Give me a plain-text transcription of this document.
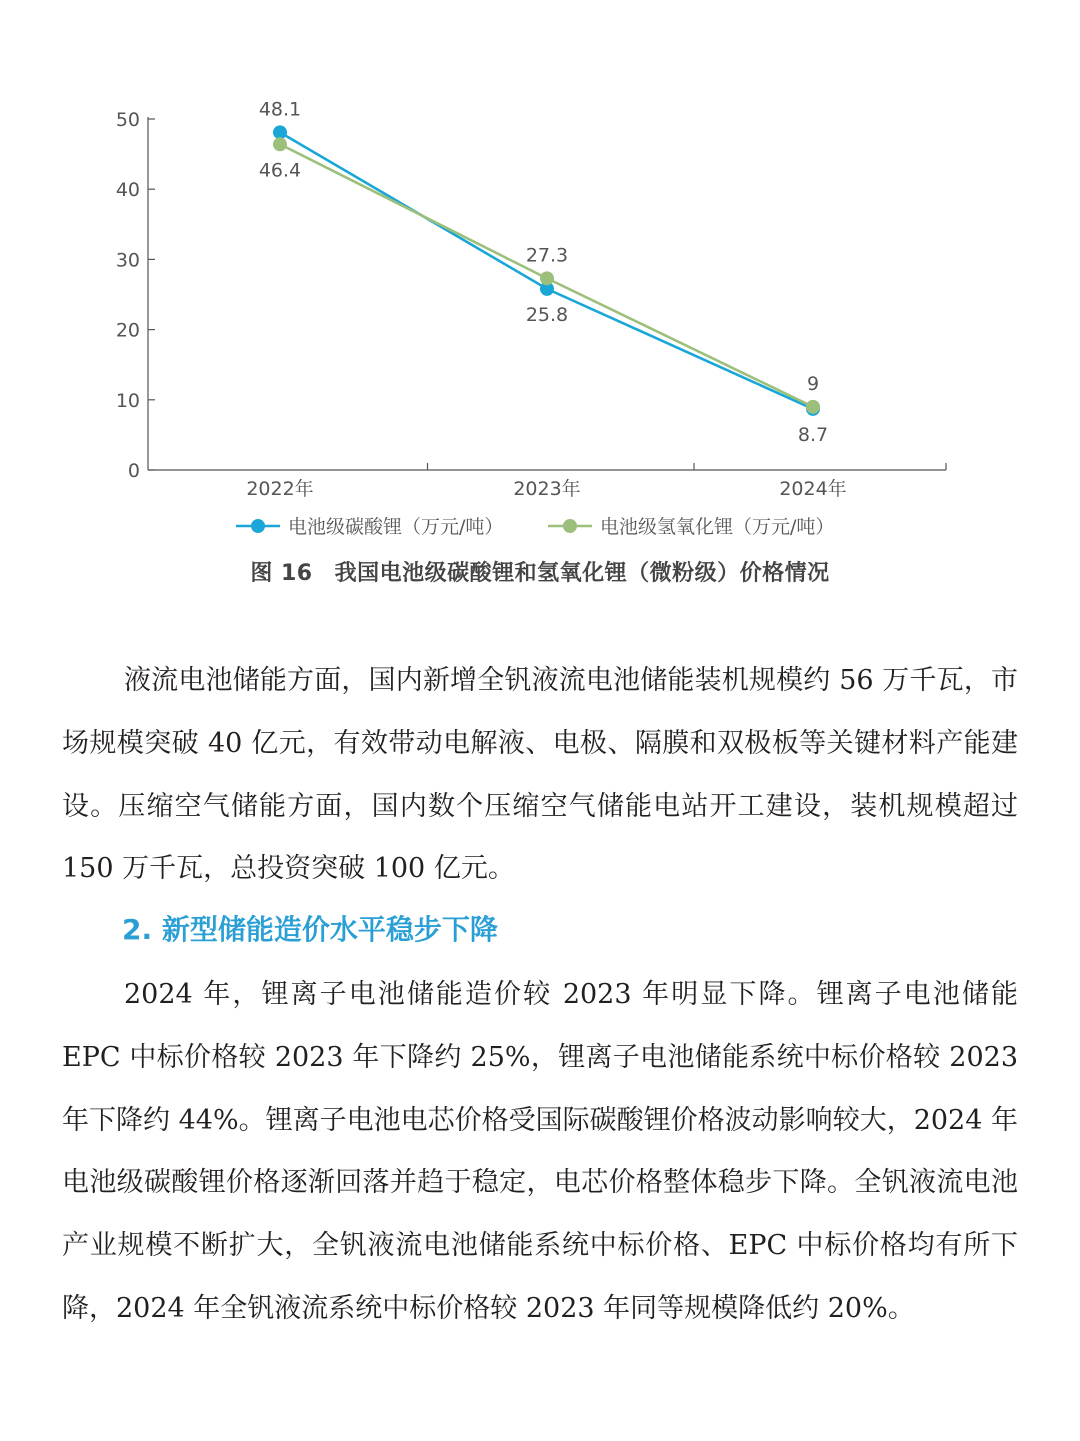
0
10
20
30
40
50
2022年	2023年	2024年
48.1
25.8
8.7
46.4
27.3
9
电池级碳酸锂（万元/吨）	电池级氢氧化锂（万元/吨）
图 16 我国电池级碳酸锂和氢氧化锂（微粉级）价格情况

液流电池储能方面，国内新增全钒液流电池储能装机规模约 56 万千瓦，市场规模突破 40 亿元，有效带动电解液、电极、隔膜和双极板等关键材料产能建设。压缩空气储能方面，国内数个压缩空气储能电站开工建设，装机规模超过 150 万千瓦，总投资突破 100 亿元。

2. 新型储能造价水平稳步下降

2024 年，锂离子电池储能造价较 2023 年明显下降。锂离子电池储能 EPC 中标价格较 2023 年下降约 25%，锂离子电池储能系统中标价格较 2023 年下降约 44%。锂离子电池电芯价格受国际碳酸锂价格波动影响较大，2024 年电池级碳酸锂价格逐渐回落并趋于稳定，电芯价格整体稳步下降。全钒液流电池产业规模不断扩大，全钒液流电池储能系统中标价格、EPC 中标价格均有所下降，2024 年全钒液流系统中标价格较 2023 年同等规模降低约 20%。
